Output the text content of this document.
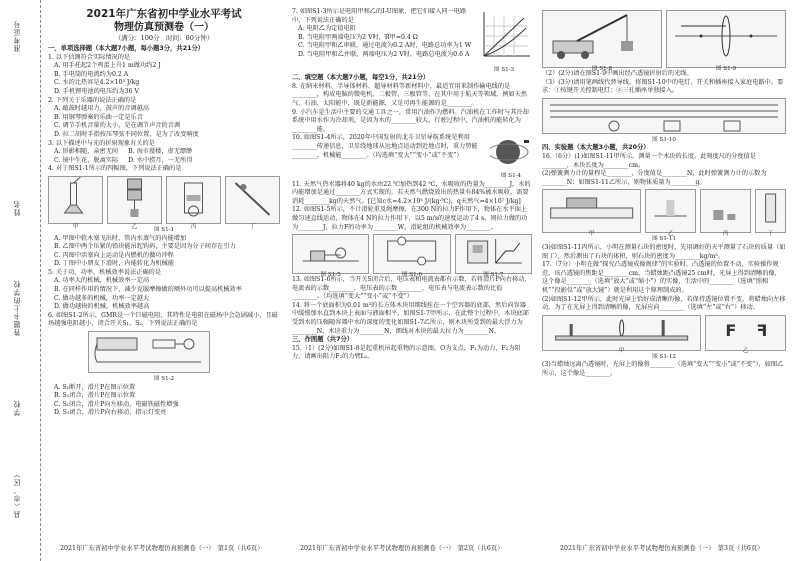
准考证号
姓名
答题卡上的学校
学校
县（市、区）
2021年广东省初中学业水平考试
物理仿真预测卷（一）
（满分：100分　时间：80分钟）
一、单项选择题（本大题7小题，每小题3分，共21分）
1. 以下估测符合实际情况的是
A. 用手托起2个鸡蛋上升1 m做功约2 J
B. 手电筒的电流约为0.2 A
C. 水的比热容是4.2×10³ J/kg
D. 手机锂电池的电压约为36 V
2. 下列关于乐器的说法正确的是
A. 敲鼓时越用力，鼓声的音调越高
B. 用钢琴弹奏的乐曲一定是乐音
C. 调节手机音量的大小，是在调节声音的音调
D. 拉二胡时手指按压琴弦不同位置，是为了改变响度
3. 以下描述中与光的折射现象有关的是
A. 形影相随，亲密无间 B. 海市蜃楼，虚无缥缈
C. 镜中生花，脱离实际 D. 水中捞月，一无所得
4. 对于图S1-1所示的四幅图，下列说法正确的是
甲	乙	丙	丁
图 S1-1
A. 甲图中软木塞飞出时，管内水蒸气的内能增加
B. 乙图中两个压紧的铅块能吊起钩码，主要是因为分子间存在引力
C. 丙图中活塞向上运动是内燃机的做功冲程
D. 丁图中小朋友下滑时，内能转化为机械能
5. 关于功、功率、机械效率说法正确的是
A. 功率大的机械，机械效率一定高
B. 在同样作用的情况下，减少克服摩擦做的额外功可以提高机械效率
C. 做功越多的机械，功率一定越大
D. 做功越快的机械，机械效率越高
6. 如图S1-2所示，GMR是一个巨磁电阻，其特性是电阻在磁场中会急剧减小，且磁场越强电阻越小，闭合开关S₁、S₂，下列说法正确的是
图 S1-2
A. S₁断开，滑片P在图示位置
B. S₁闭合，滑片P在图示位置
C. S₁闭合，滑片P向左移动，电磁铁磁性增强
D. S₁闭合，滑片P向右移动，指示灯变亮
7. 如图S1-3所示是电阻甲和乙的I-U图象，把它们接入同一电路中，下列说法正确的是
A. 电阻乙为定值电阻
B. 当电阻甲两端电压为2 V时，R甲=0.4 Ω
C. 当电阻甲和乙串联，通过电流为0.2 A时，电路总功率为1 W
D. 当电阻甲和乙并联，两端电压为2 V时，电路总电流为0.6 A
图 S1-3
二、填空题（本大题7小题，每空1分，共21分）
8. 在纳米材料、半导体材料、超导材料等新材料中，最适宜用来制作输电线的是________，构成电脑的微电机、二极管、三极管等，在其中用于航天等领域，例如天然气、石油、太阳能中，既是新能源，又是可再生能源的是________。
9. 小汽车是生活中主要的交通工具之一，常用汽油作为燃料。汽油机在工作时与其冷却系统中用水作为冷却剂，是因为水的________较大，行驶过程中，汽油机的能转化为________能。
10. 如图S1-4所示，2020年中国发射的北斗卫星导航系统是利用________传递信息，卫星绕地球从远地点运动到近地点时，重力势能________，机械能________。（均选填“变大”“变小”或“不变”）
图 S1-4
11. 天然气热水器将40 kg的水由22 ℃加热到42 ℃，水吸收的热量为________J，水的内能增加是通过________方式实现的，若天然气燃烧放出的热量有84%被水吸收，需要消耗________kg的天然气。[已知c水=4.2×10³ J/(kg·℃)，q天然气=4×10⁷ J/kg]
12. 如图S1-5所示，不计滑轮重及绳摩擦，在300 N的拉力F作用下，物体在水平面上做匀速直线运动，物体在4 N的拉力作用下，以5 m/s的速度运动了4 s，则拉力做的功为________J，拉力F的功率为________W，滑轮组的机械效率为________。
图 S1-5	图 S1-6	图 S1-7
13. 如图S1-6所示，当开关S闭合后，电压表和电流表都有示数，若将滑片P向右移动，电流表的示数________，电压表的示数________，电压表与电流表示数的比值________。（均选填“变大”“变小”或“不变”）
14. 将一个底面积为0.01 m²的长方体木块用细线拴在一个空容器的底部，然后向容器中缓慢加水直到木块上表面与液面相平，如图S1-7甲所示，在此整个过程中，木块底部受到水的压强随容器中水的深度的变化如图S1-7乙所示，则木块所受到的最大浮力为________N，木块重力为________N，细线对木块的最大拉力为________N。
三、作图题（共7分）
15.（1）(2分)如图S1-8是起重机吊起重物的示意图，O为支点，F₁为动力，F₂为阻力，请画出阻力F₂的力臂L₂。
图 S1-8	图 S1-9
（2）(2分)请在图S1-9中画出经凸透镜折射后的光线。
（3）(3分)请用笔画线代替导线，将图S1-10中的电灯、开关和插座接入家庭电路中。要求：①按键开关控制电灯；②三孔插座单独接入。
图 S1-10
四、实验题（本大题3小题，共20分）
16.（6分）(1)如图S1-11甲所示，测量一个木块的长度，此刻度尺的分度值是________，木块长度为________cm。
(2)弹簧测力计的量程是________，分度值是________N，此时弹簧测力计的示数为________N；如图S1-11乙所示，则物体质量为________g。
甲	乙	丙	丁
图 S1-11
(3)如图S1-11丙所示，小明在测量石块的密度时，先用调好的天平测量了石块的质量（如图丁），然后测出了石块的体积，则石块的密度为________kg/m³。
17.（7分）小明在做“探究凸透镜成像规律”的实验时，凸透镜的位置不动，实验操作规范，该凸透镜的焦距是________cm，当蜡烛距凸透镜25 cm时，光屏上得到清晰的像，这个像是________（选填“放大”或“缩小”）的实像，生活中的________（选填“照相机”“投影仪”或“放大镜”）就是利用这个原理制成的。
(2)如图S1-12甲所示，此时光屏上恰好成清晰的像，若保持透镜位置不变，将蜡烛向左移动，为了在光屏上得到清晰的像，光屏应向________（选填“左”或“右”）移动。
甲
F F
乙
图 S1-12
(3)当蜡烛远离凸透镜时，光屏上的像将________（选填“变大”“变小”或“不变”），如图乙所示，这个像是________。
2021年广东省初中学业水平考试物理仿真预测卷（一）　第1页（共6页）	2021年广东省初中学业水平考试物理仿真预测卷（一）　第2页（共6页）	2021年广东省初中学业水平考试物理仿真预测卷（一）　第3页（共6页）
